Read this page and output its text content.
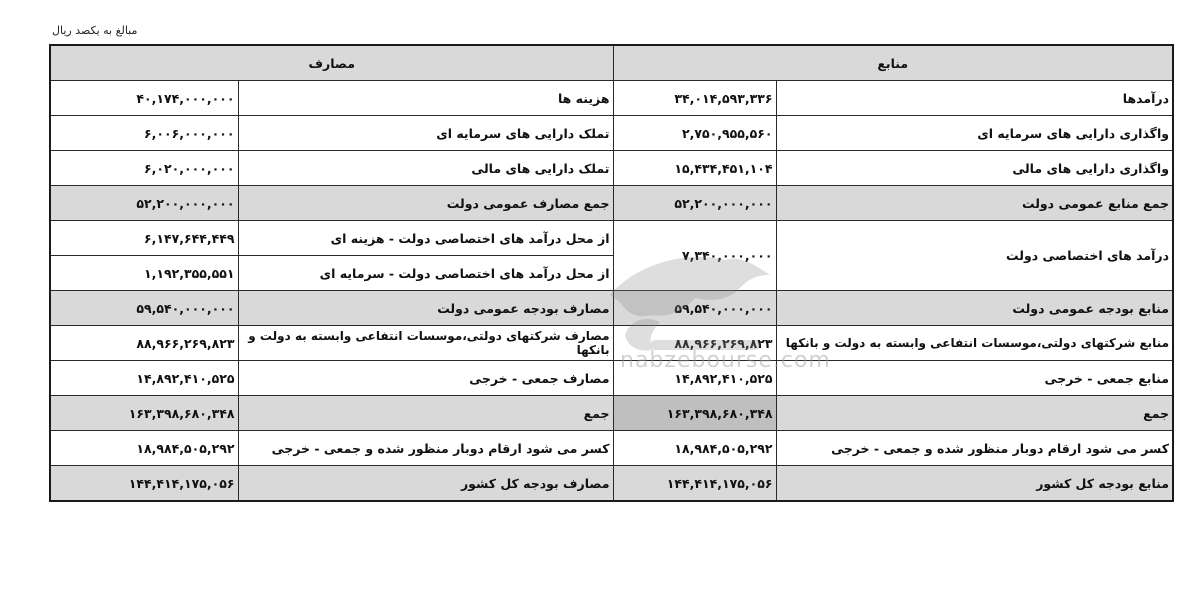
مبالغ به یکصد ریال
مصارف		منابع	
۴۰,۱۷۴,۰۰۰,۰۰۰	هزینه ها	۳۴,۰۱۴,۵۹۳,۳۳۶	درآمدها
۶,۰۰۶,۰۰۰,۰۰۰	تملک دارایی های سرمایه ای	۲,۷۵۰,۹۵۵,۵۶۰	واگذاری دارایی های سرمایه ای
۶,۰۲۰,۰۰۰,۰۰۰	تملک دارایی های مالی	۱۵,۴۳۴,۴۵۱,۱۰۴	واگذاری دارایی های مالی
۵۲,۲۰۰,۰۰۰,۰۰۰	جمع مصارف عمومی دولت	۵۲,۲۰۰,۰۰۰,۰۰۰	جمع منابع عمومی دولت
۶,۱۴۷,۶۴۴,۴۴۹	از محل درآمد های اختصاصی دولت - هزینه ای	۷,۳۴۰,۰۰۰,۰۰۰	درآمد های اختصاصی دولت
۱,۱۹۲,۳۵۵,۵۵۱	از محل درآمد های اختصاصی دولت - سرمایه ای		
۵۹,۵۴۰,۰۰۰,۰۰۰	مصارف بودجه عمومی دولت	۵۹,۵۴۰,۰۰۰,۰۰۰	منابع بودجه عمومی دولت
۸۸,۹۶۶,۲۶۹,۸۲۳	مصارف شرکتهای دولتی،موسسات انتفاعی وابسته به دولت و بانکها	۸۸,۹۶۶,۲۶۹,۸۲۳	منابع شرکتهای دولتی،موسسات انتفاعی وابسته به دولت و بانکها
۱۴,۸۹۲,۴۱۰,۵۲۵	مصارف جمعی - خرجی	۱۴,۸۹۲,۴۱۰,۵۲۵	منابع جمعی - خرجی
۱۶۳,۳۹۸,۶۸۰,۳۴۸	جمع	۱۶۳,۳۹۸,۶۸۰,۳۴۸	جمع
۱۸,۹۸۴,۵۰۵,۲۹۲	کسر می شود ارقام دوبار منظور شده و جمعی - خرجی	۱۸,۹۸۴,۵۰۵,۲۹۲	کسر می شود ارقام دوبار منظور شده و جمعی - خرجی
۱۴۴,۴۱۴,۱۷۵,۰۵۶	مصارف بودجه کل کشور	۱۴۴,۴۱۴,۱۷۵,۰۵۶	منابع بودجه کل کشور
nabzebourse.com
